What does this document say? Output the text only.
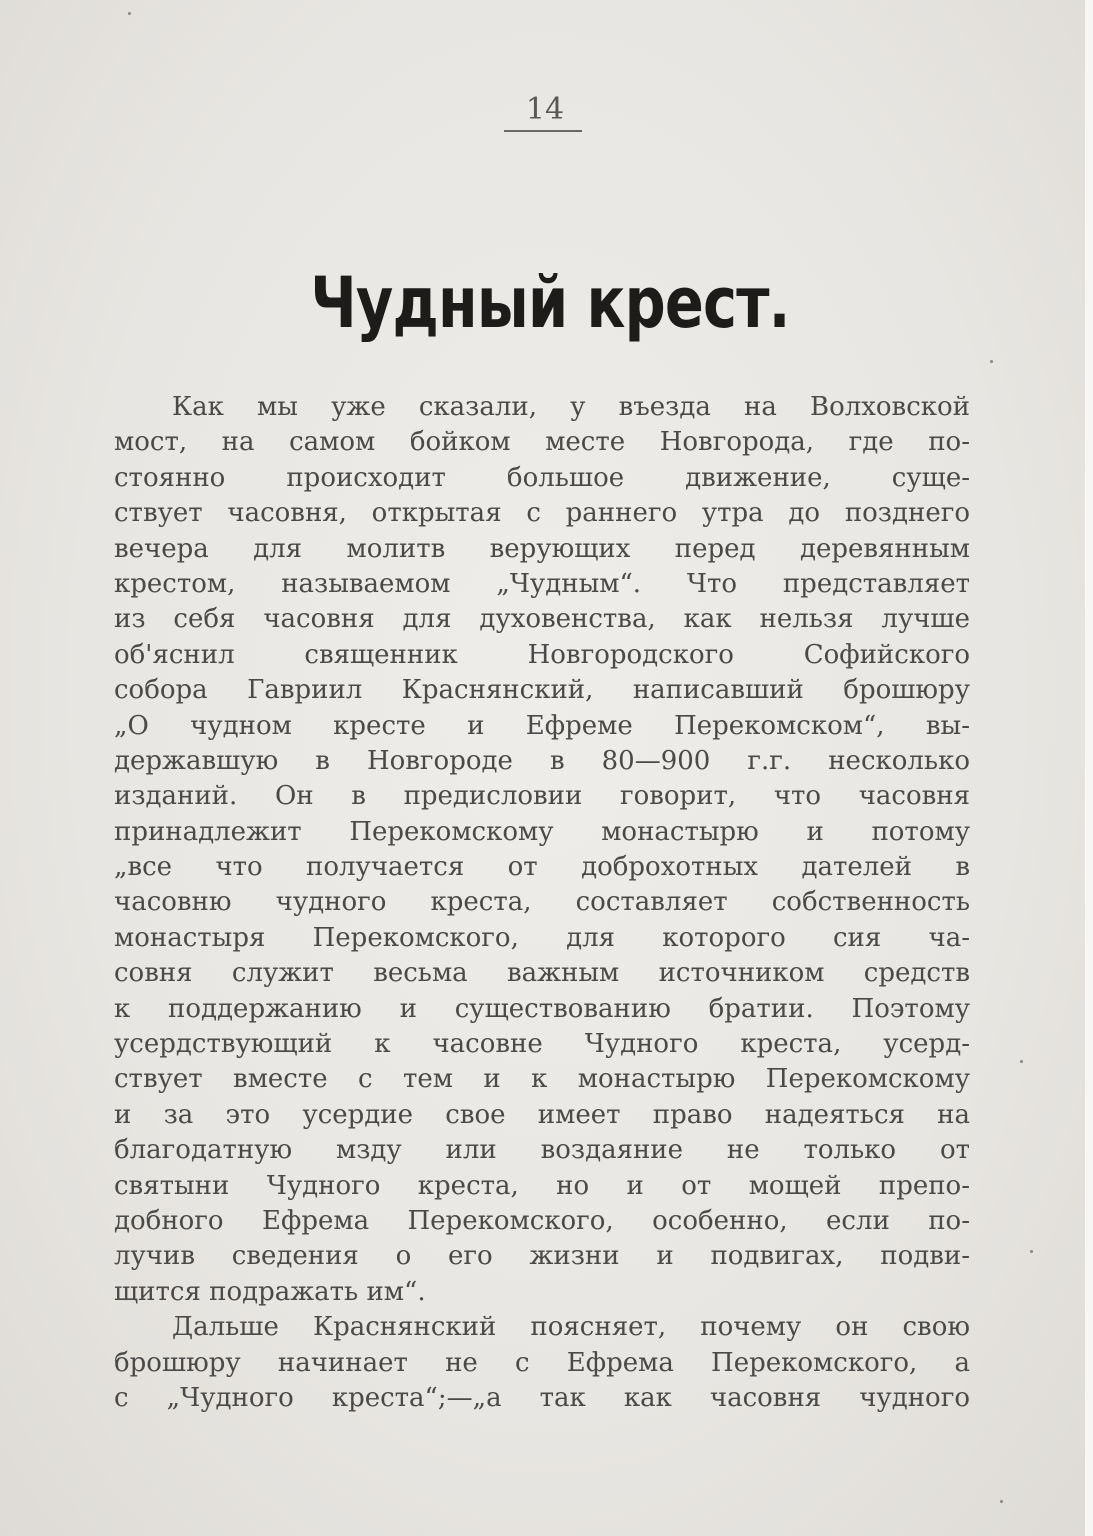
14
Чудный крест.
Как мы уже сказали, у въезда на Волховской
мост, на самом бойком месте Новгорода, где по-
стоянно происходит большое движение, суще-
ствует часовня, открытая с раннего утра до позднего
вечера для молитв верующих перед деревянным
крестом, называемом „Чудным“. Что представляет
из себя часовня для духовенства, как нельзя лучше
об'яснил священник Новгородского Софийского
собора Гавриил Краснянский, написавший брошюру
„О чудном кресте и Ефреме Перекомском“, вы-
державшую в Новгороде в 80—900 г.г. несколько
изданий. Он в предисловии говорит, что часовня
принадлежит Перекомскому монастырю и потому
„все что получается от доброхотных дателей в
часовню чудного креста, составляет собственность
монастыря Перекомского, для которого сия ча-
совня служит весьма важным источником средств
к поддержанию и существованию братии. Поэтому
усердствующий к часовне Чудного креста, усерд-
ствует вместе с тем и к монастырю Перекомскому
и за это усердие свое имеет право надеяться на
благодатную мзду или воздаяние не только от
святыни Чудного креста, но и от мощей препо-
добного Ефрема Перекомского, особенно, если по-
лучив сведения о его жизни и подвигах, подви-
щится подражать им“.
Дальше Краснянский поясняет, почему он свою
брошюру начинает не с Ефрема Перекомского, а
с „Чудного креста“;—„а так как часовня чудного
